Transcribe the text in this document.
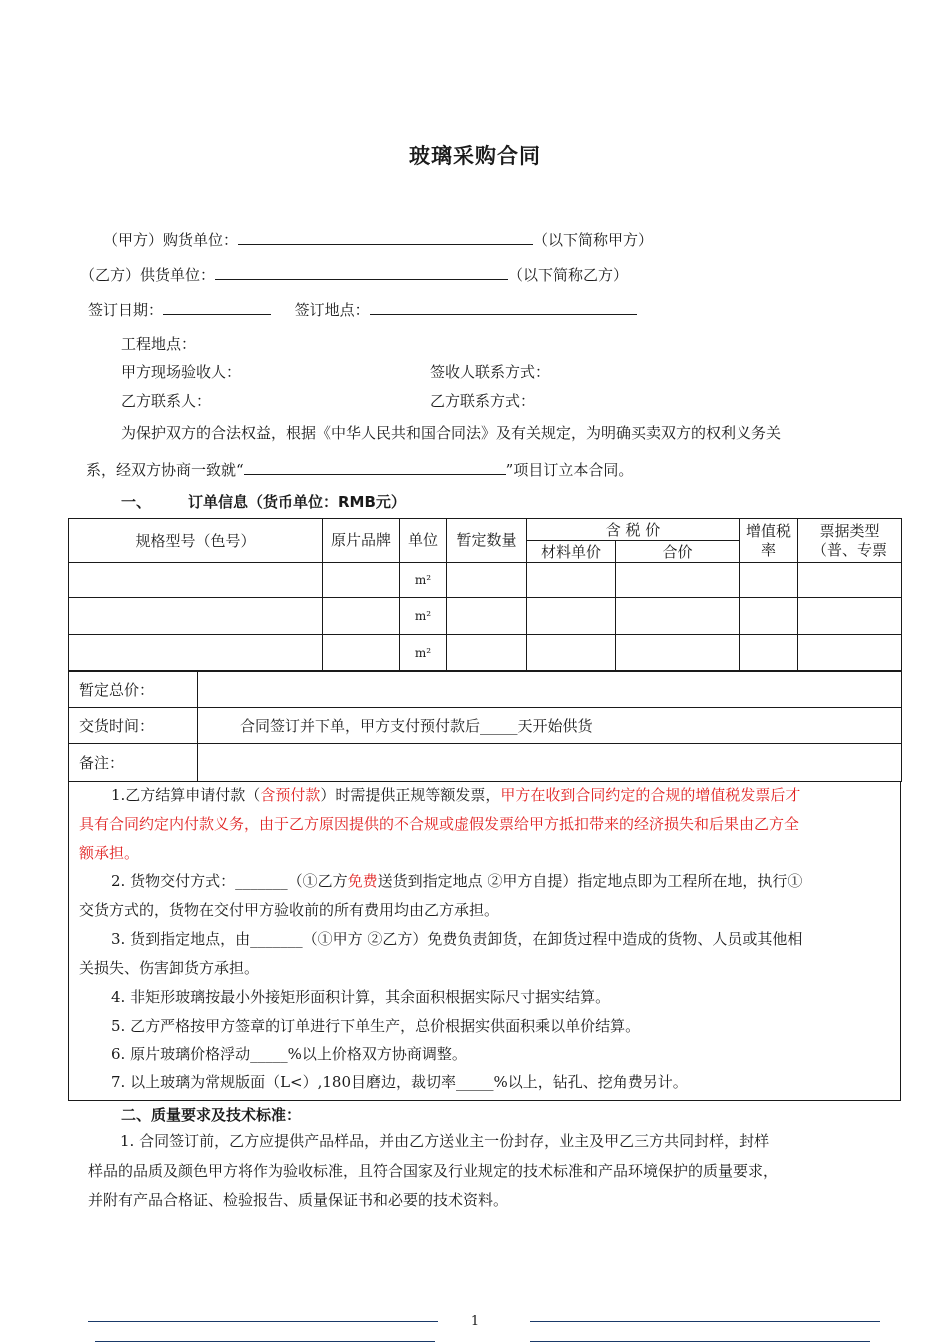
玻璃采购合同
（甲方）购货单位：	（以下简称甲方）
（乙方）供货单位：	（以下简称乙方）
签订日期：	签订地点：
工程地点：
甲方现场验收人：	签收人联系方式：
乙方联系人：	乙方联系方式：
为保护双方的合法权益，根据《中华人民共和国合同法》及有关规定，为明确买卖双方的权利义务关
系，经双方协商一致就“	”项目订立本合同。
一、 订单信息（货币单位：RMB元）
规格型号（色号）	原片品牌	单位	暂定数量	含 税 价		增值税率	票据类型（普、专票
				材料单价	合价		
		m²					
		m²					
		m²					
暂定总价：	
交货时间：	合同签订并下单，甲方支付预付款后_____天开始供货
备注：	
1.乙方结算申请付款（含预付款）时需提供正规等额发票，甲方在收到合同约定的合规的增值税发票后才
具有合同约定内付款义务，由于乙方原因提供的不合规或虚假发票给甲方抵扣带来的经济损失和后果由乙方全
额承担。
2. 货物交付方式：_______（①乙方免费送货到指定地点 ②甲方自提）指定地点即为工程所在地，执行①
交货方式的，货物在交付甲方验收前的所有费用均由乙方承担。
3. 货到指定地点，由_______（①甲方 ②乙方）免费负责卸货，在卸货过程中造成的货物、人员或其他相
关损失、伤害卸货方承担。
4. 非矩形玻璃按最小外接矩形面积计算，其余面积根据实际尺寸据实结算。
5. 乙方严格按甲方签章的订单进行下单生产，总价根据实供面积乘以单价结算。
6. 原片玻璃价格浮动_____%以上价格双方协商调整。
7. 以上玻璃为常规版面（L<）,180目磨边，裁切率_____%以上，钻孔、挖角费另计。
二、质量要求及技术标准：
1. 合同签订前，乙方应提供产品样品，并由乙方送业主一份封存，业主及甲乙三方共同封样，封样
样品的品质及颜色甲方将作为验收标准，且符合国家及行业规定的技术标准和产品环境保护的质量要求，
并附有产品合格证、检验报告、质量保证书和必要的技术资料。
1
